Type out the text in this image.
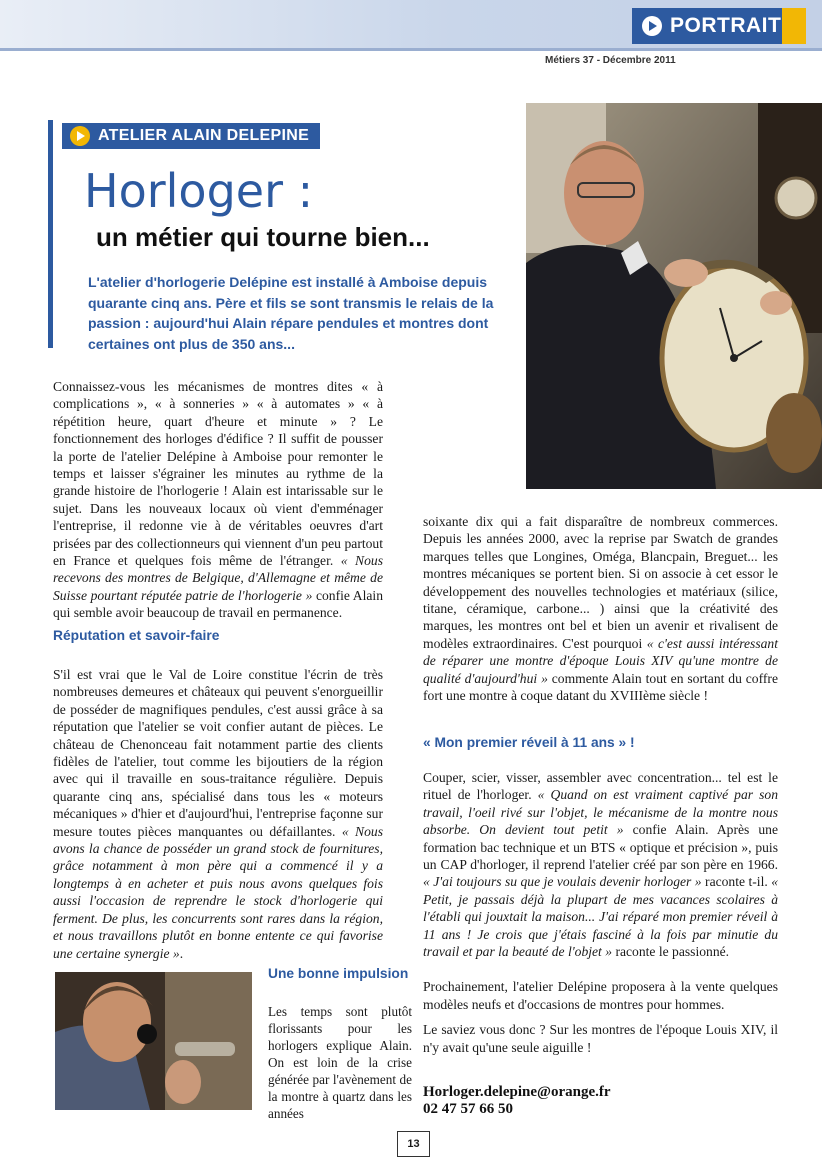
PORTRAIT
Métiers 37 - Décembre 2011
ATELIER ALAIN DELEPINE
Horloger :
un métier qui tourne bien...
L'atelier d'horlogerie Delépine est installé à Amboise depuis quarante cinq ans. Père et fils se sont transmis le relais de la passion : aujourd'hui Alain répare pendules et montres dont certaines ont plus de 350 ans...
Connaissez-vous les mécanismes de montres dites « à complications », « à sonneries » « à automates » « à répétition heure, quart d'heure et minute » ? Le fonctionnement des horloges d'édifice ? Il suffit de pousser la porte de l'atelier Delépine à Amboise pour remonter le temps et laisser s'égrainer les minutes au rythme de la grande histoire de l'horlogerie ! Alain est intarissable sur le sujet. Dans les nouveaux locaux où vient d'emménager l'entreprise, il redonne vie à de véritables oeuvres d'art prisées par des collectionneurs qui viennent d'un peu partout en France et quelques fois même de l'étranger. « Nous recevons des montres de Belgique, d'Allemagne et même de Suisse pourtant réputée patrie de l'horlogerie » confie Alain qui semble avoir beaucoup de travail en permanence.
Réputation et savoir-faire
S'il est vrai que le Val de Loire constitue l'écrin de très nombreuses demeures et châteaux qui peuvent s'enorgueillir de posséder de magnifiques pendules, c'est aussi grâce à sa réputation que l'atelier se voit confier autant de pièces. Le château de Chenonceau fait notamment partie des clients fidèles de l'atelier, tout comme les bijoutiers de la région avec qui il travaille en sous-traitance régulière. Depuis quarante cinq ans, spécialisé dans tous les « moteurs mécaniques » d'hier et d'aujourd'hui, l'entreprise façonne sur mesure toutes pièces manquantes ou défaillantes. « Nous avons la chance de posséder un grand stock de fournitures, grâce notamment à mon père qui a commencé il y a longtemps à en acheter et puis nous avons quelques fois aussi l'occasion de reprendre le stock d'horlogerie qui ferment. De plus, les concurrents sont rares dans la région, et nous travaillons plutôt en bonne entente ce qui favorise une certaine synergie ».
Une bonne impulsion
Les temps sont plutôt florissants pour les horlogers explique Alain. On est loin de la crise générée par l'avènement de la montre à quartz dans les années
soixante dix qui a fait disparaître de nombreux commerces. Depuis les années 2000, avec la reprise par Swatch de grandes marques telles que Longines, Oméga, Blancpain, Breguet... les montres mécaniques se portent bien. Si on associe à cet essor le développement des nouvelles technologies et matériaux (silice, titane, céramique, carbone... ) ainsi que la créativité des marques, les montres ont bel et bien un avenir et rivalisent de modèles extraordinaires. C'est pourquoi « c'est aussi intéressant de réparer une montre d'époque Louis XIV qu'une montre de qualité d'aujourd'hui » commente Alain tout en sortant du coffre fort une montre à coque datant du XVIIIème siècle !
« Mon premier réveil à 11 ans » !

Couper, scier, visser, assembler avec concentration... tel est le rituel de l'horloger. « Quand on est vraiment captivé par son travail, l'oeil rivé sur l'objet, le mécanisme de la montre nous absorbe. On devient tout petit » confie Alain. Après une formation bac technique et un BTS « optique et précision », puis un CAP d'horloger, il reprend l'atelier créé par son père en 1966. « J'ai toujours su que je voulais devenir horloger » raconte t-il. « Petit, je passais déjà la plupart de mes vacances scolaires à l'établi qui jouxtait la maison... J'ai réparé mon premier réveil à 11 ans ! Je crois que j'étais fasciné à la fois par minutie du travail et par la beauté de l'objet » raconte le passionné.

Prochainement, l'atelier Delépine proposera à la vente quelques modèles neufs et d'occasions de montres pour hommes.

Le saviez vous donc ? Sur les montres de l'époque Louis XIV, il n'y avait qu'une seule aiguille !

Horloger.delepine@orange.fr
02 47 57 66 50
13
